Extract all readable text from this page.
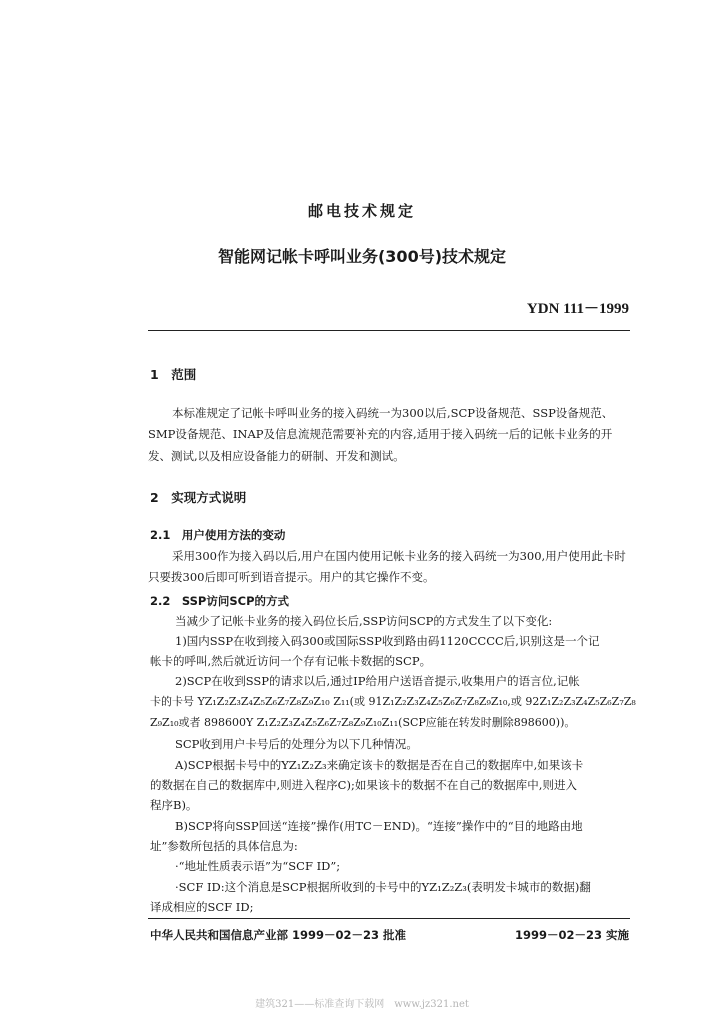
邮电技术规定
智能网记帐卡呼叫业务(300号)技术规定
YDN 111－1999
1　范围
本标准规定了记帐卡呼叫业务的接入码统一为300以后,SCP设备规范、SSP设备规范、SMP设备规范、INAP及信息流规范需要补充的内容,适用于接入码统一后的记帐卡业务的开发、测试,以及相应设备能力的研制、开发和测试。
2　实现方式说明
2.1　用户使用方法的变动
采用300作为接入码以后,用户在国内使用记帐卡业务的接入码统一为300,用户使用此卡时只要拨300后即可听到语音提示。用户的其它操作不变。
2.2　SSP访问SCP的方式
当减少了记帐卡业务的接入码位长后,SSP访问SCP的方式发生了以下变化:
1)国内SSP在收到接入码300或国际SSP收到路由码1120CCCC后,识别这是一个记
帐卡的呼叫,然后就近访问一个存有记帐卡数据的SCP。
2)SCP在收到SSP的请求以后,通过IP给用户送语音提示,收集用户的语言位,记帐
卡的卡号 YZ₁Z₂Z₃Z₄Z₅Z₆Z₇Z₈Z₉Z₁₀ Z₁₁(或 91Z₁Z₂Z₃Z₄Z₅Z₆Z₇Z₈Z₉Z₁₀,或 92Z₁Z₂Z₃Z₄Z₅Z₆Z₇Z₈
Z₉Z₁₀或者 898600Y Z₁Z₂Z₃Z₄Z₅Z₆Z₇Z₈Z₉Z₁₀Z₁₁(SCP应能在转发时删除898600))。
SCP收到用户卡号后的处理分为以下几种情况。
A)SCP根据卡号中的YZ₁Z₂Z₃来确定该卡的数据是否在自己的数据库中,如果该卡
的数据在自己的数据库中,则进入程序C);如果该卡的数据不在自己的数据库中,则进入
程序B)。
B)SCP将向SSP回送“连接”操作(用TC－END)。“连接”操作中的“目的地路由地
址”参数所包括的具体信息为:
·“地址性质表示语”为“SCF ID”;
·SCF ID:这个消息是SCP根据所收到的卡号中的YZ₁Z₂Z₃(表明发卡城市的数据)翻
译成相应的SCF ID;
中华人民共和国信息产业部 1999－02－23 批准	1999－02－23 实施
建筑321——标准查询下载网　www.jz321.net
